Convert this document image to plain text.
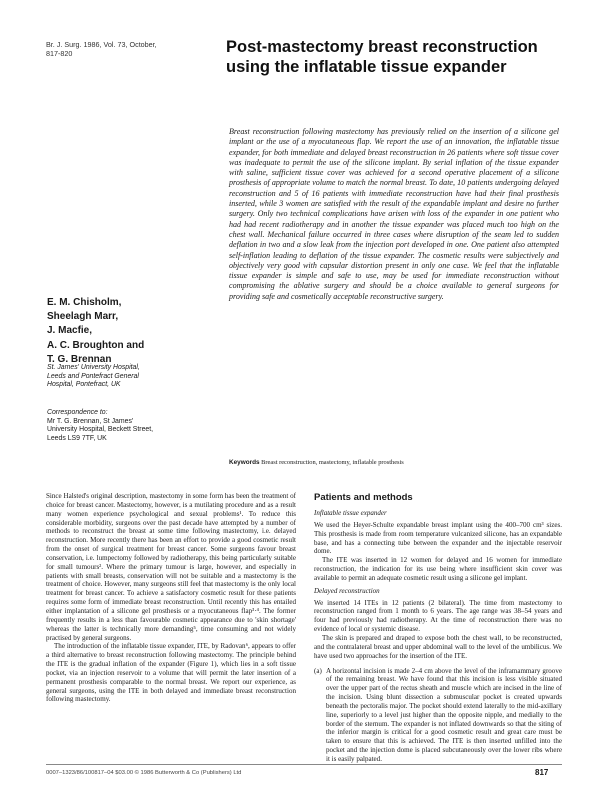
Br. J. Surg. 1986, Vol. 73, October,
817-820	Post-mastectomy breast reconstruction using the inflatable tissue expander

Breast reconstruction following mastectomy has previously relied on the insertion of a silicone gel implant or the use of a myocutaneous flap. We report the use of an innovation, the inflatable tissue expander, for both immediate and delayed breast reconstruction in 26 patients where soft tissue cover was inadequate to permit the use of the silicone implant. By serial inflation of the tissue expander with saline, sufficient tissue cover was achieved for a second operative placement of a silicone prosthesis of appropriate volume to match the normal breast. To date, 10 patients undergoing delayed reconstruction and 5 of 16 patients with immediate reconstruction have had their final prosthesis inserted, while 3 women are satisfied with the result of the expandable implant and desire no further surgery. Only two technical complications have arisen with loss of the expander in one patient who had had recent radiotherapy and in another the tissue expander was placed much too high on the chest wall. Mechanical failure occurred in three cases where disruption of the seam led to sudden deflation in two and a slow leak from the injection port developed in one. One patient also attempted self-inflation leading to deflation of the tissue expander. The cosmetic results were subjectively and objectively very good with capsular distortion present in only one case. We feel that the inflatable tissue expander is simple and safe to use, may be used for immediate reconstruction without compromising the ablative surgery and should be a choice available to general surgeons for providing safe and cosmetically acceptable reconstructive surgery.

Keywords Breast reconstruction, mastectomy, inflatable prosthesis
E. M. Chisholm,
Sheelagh Marr,
J. Macfie,
A. C. Broughton and
T. G. Brennan
St. James' University Hospital,
Leeds and Pontefract General
Hospital, Pontefract, UK
Correspondence to:
Mr T. G. Brennan, St James'
University Hospital, Beckett Street,
Leeds LS9 7TF, UK

Since Halsted's original description, mastectomy in some form has been the treatment of choice for breast cancer. Mastectomy, however, is a mutilating procedure and as a result many women experience psychological and sexual problems¹. To reduce this considerable morbidity, surgeons over the past decade have attempted by a number of methods to reconstruct the breast at some time following mastectomy, i.e. delayed reconstruction. More recently there has been an effort to provide a good cosmetic result from the onset of surgical treatment for breast cancer. Some surgeons favour breast conservation, i.e. lumpectomy followed by radiotherapy, this being particularly suitable for small tumours². Where the primary tumour is large, however, and especially in patients with small breasts, conservation will not be suitable and a mastectomy is the treatment of choice. However, many surgeons still feel that mastectomy is the only local treatment for breast cancer. To achieve a satisfactory cosmetic result for these patients requires some form of immediate breast reconstruction. Until recently this has entailed either implantation of a silicone gel prosthesis or a myocutaneous flap³·⁴. The former frequently results in a less than favourable cosmetic appearance due to 'skin shortage' whereas the latter is technically more demanding⁵, time consuming and not widely practised by general surgeons.

The introduction of the inflatable tissue expander, ITE, by Radovan⁶, appears to offer a third alternative to breast reconstruction following mastectomy. The principle behind the ITE is the gradual inflation of the expander (Figure 1), which lies in a soft tissue pocket, via an injection reservoir to a volume that will permit the later insertion of a permanent prosthesis comparable to the normal breast. We report our experience, as general surgeons, using the ITE in both delayed and immediate breast reconstruction following mastectomy.

Patients and methods
Inflatable tissue expander

We used the Heyer-Schulte expandable breast implant using the 400–700 cm³ sizes. This prosthesis is made from room temperature vulcanized silicone, has an expandable base, and has a connecting tube between the expander and the injectable reservoir dome.

The ITE was inserted in 12 women for delayed and 16 women for immediate reconstruction, the indication for its use being where insufficient skin cover was available to permit an adequate cosmetic result using a silicone gel implant.

Delayed reconstruction

We inserted 14 ITEs in 12 patients (2 bilateral). The time from mastectomy to reconstruction ranged from 1 month to 6 years. The age range was 38–54 years and four had previously had radiotherapy. At the time of reconstruction there was no evidence of local or systemic disease.

The skin is prepared and draped to expose both the chest wall, to be reconstructed, and the contralateral breast and upper abdominal wall to the level of the umbilicus. We have used two approaches for the insertion of the ITE.

(a) A horizontal incision is made 2–4 cm above the level of the inframammary groove of the remaining breast. We have found that this incision is less visible situated over the upper part of the rectus sheath and muscle which are incised in the line of the incision. Using blunt dissection a submuscular pocket is created upwards beneath the pectoralis major. The pocket should extend laterally to the mid-axillary line, superiorly to a level just higher than the opposite nipple, and medially to the border of the sternum. The expander is not inflated downwards so that the siting of the inferior margin is critical for a good cosmetic result and great care must be taken to ensure that this is achieved. The ITE is then inserted unfilled into the pocket and the injection dome is placed subcutaneously over the lower ribs where it is easily palpated.
0007–1323/86/100817–04 $03.00 © 1986 Butterworth & Co (Publishers) Ltd	817
